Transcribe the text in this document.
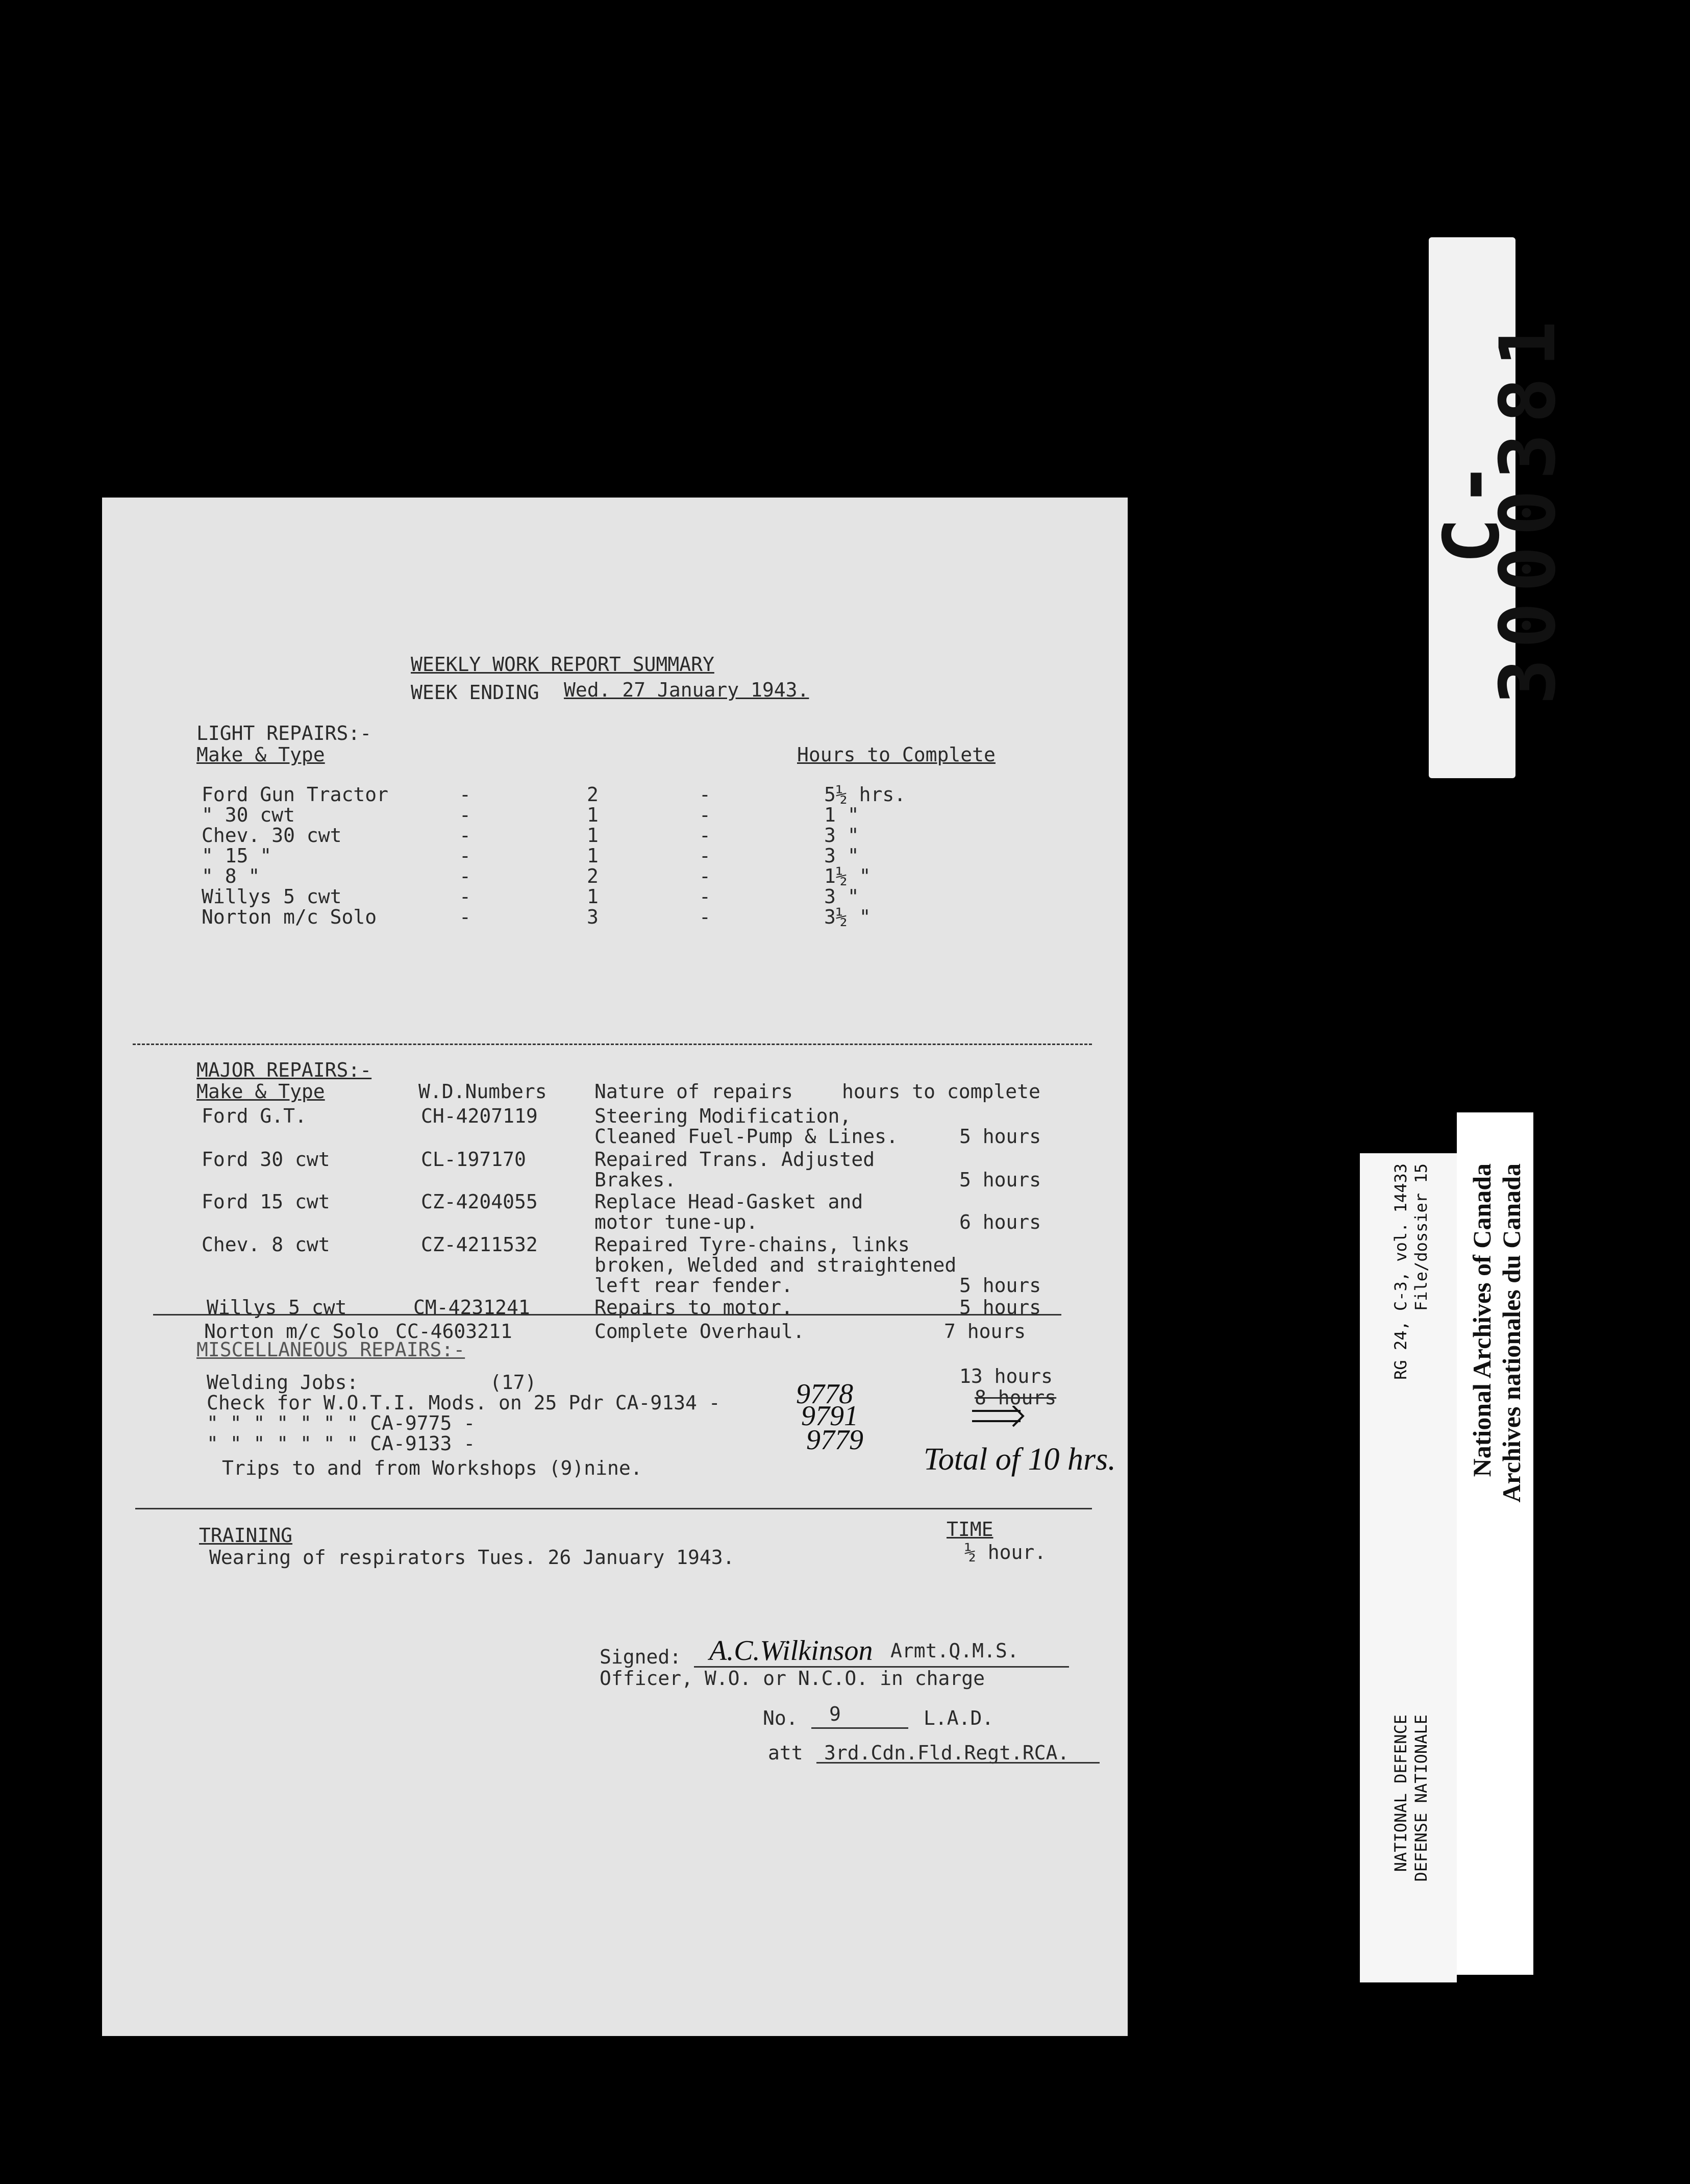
C-3000381
RG 24, C-3, vol. 14433 File/dossier 15
NATIONAL DEFENCE DEFENSE NATIONALE
National Archives of Canada Archives nationales du Canada
WEEKLY WORK REPORT SUMMARY
WEEK ENDING Wed. 27 January 1943.
LIGHT REPAIRS:-
Make & Type	Hours to Complete
Ford Gun Tractor	-	2	-	5½ hrs.
" 30 cwt	-	1	-	1 "
Chev. 30 cwt	-	1	-	3 "
" 15 "	-	1	-	3 "
" 8 "	-	2	-	1½ "
Willys 5 cwt	-	1	-	3 "
Norton m/c Solo	-	3	-	3½ "
MAJOR REPAIRS:-
Make & Type	W.D.Numbers Nature of repairs	hours to complete
Ford G.T.	CH-4207119	Steering Modification,
Cleaned Fuel-Pump & Lines.	5 hours
Ford 30 cwt	CL-197170	Repaired Trans. Adjusted
Brakes.	5 hours
Ford 15 cwt	CZ-4204055	Replace Head-Gasket and
motor tune-up.	6 hours
Chev. 8 cwt	CZ-4211532	Repaired Tyre-chains, links
broken, Welded and straightened
left rear fender.	5 hours
Willys 5 cwt	CM-4231241	Repairs to motor.	5 hours
Norton m/c Solo CC-4603211	Complete Overhaul.	7 hours
MISCELLANEOUS REPAIRS:-
Welding Jobs:	(17)	13 hours
Check for W.O.T.I. Mods. on 25 Pdr CA-9134 -	9778	8 hours
" " " " " " " CA-9775 -	9791
" " " " " " " CA-9133 -	9779
Trips to and from Workshops (9)nine.	Total of 10 hrs.
TRAINING	TIME
Wearing of respirators Tues. 26 January 1943.	½ hour.
Signed: A.C.Wilkinson Armt.Q.M.S.
Officer, W.O. or N.C.O. in charge
No. 9	L.A.D.
att 3rd.Cdn.Fld.Regt.RCA.
